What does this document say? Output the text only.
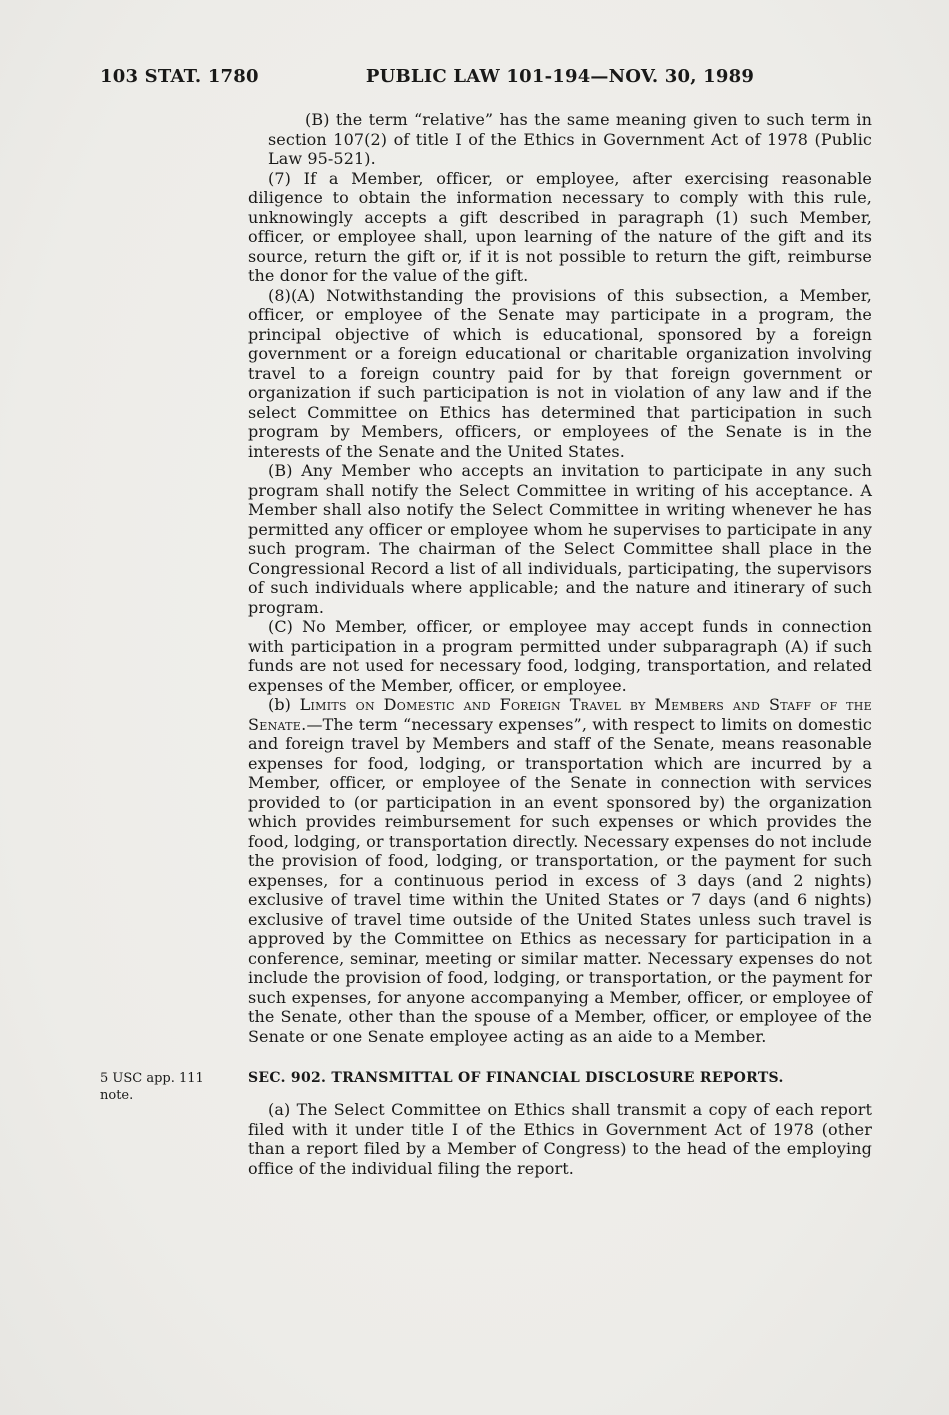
103 STAT. 1780	PUBLIC LAW 101-194—NOV. 30, 1989

(B) the term “relative” has the same meaning given to such term in section 107(2) of title I of the Ethics in Government Act of 1978 (Public Law 95-521).

(7) If a Member, officer, or employee, after exercising reasonable diligence to obtain the information necessary to comply with this rule, unknowingly accepts a gift described in paragraph (1) such Member, officer, or employee shall, upon learning of the nature of the gift and its source, return the gift or, if it is not possible to return the gift, reimburse the donor for the value of the gift.

(8)(A) Notwithstanding the provisions of this subsection, a Member, officer, or employee of the Senate may participate in a program, the principal objective of which is educational, sponsored by a foreign government or a foreign educational or charitable organization involving travel to a foreign country paid for by that foreign government or organization if such participation is not in violation of any law and if the select Committee on Ethics has determined that participation in such program by Members, officers, or employees of the Senate is in the interests of the Senate and the United States.

(B) Any Member who accepts an invitation to participate in any such program shall notify the Select Committee in writing of his acceptance. A Member shall also notify the Select Committee in writing whenever he has permitted any officer or employee whom he supervises to participate in any such program. The chairman of the Select Committee shall place in the Congressional Record a list of all individuals, participating, the supervisors of such individuals where applicable; and the nature and itinerary of such program.

(C) No Member, officer, or employee may accept funds in connection with participation in a program permitted under subparagraph (A) if such funds are not used for necessary food, lodging, transportation, and related expenses of the Member, officer, or employee.

(b) Limits on Domestic and Foreign Travel by Members and Staff of the Senate.—The term “necessary expenses”, with respect to limits on domestic and foreign travel by Members and staff of the Senate, means reasonable expenses for food, lodging, or transportation which are incurred by a Member, officer, or employee of the Senate in connection with services provided to (or participation in an event sponsored by) the organization which provides reimbursement for such expenses or which provides the food, lodging, or transportation directly. Necessary expenses do not include the provision of food, lodging, or transportation, or the payment for such expenses, for a continuous period in excess of 3 days (and 2 nights) exclusive of travel time within the United States or 7 days (and 6 nights) exclusive of travel time outside of the United States unless such travel is approved by the Committee on Ethics as necessary for participation in a conference, seminar, meeting or similar matter. Necessary expenses do not include the provision of food, lodging, or transportation, or the payment for such expenses, for anyone accompanying a Member, officer, or employee of the Senate, other than the spouse of a Member, officer, or employee of the Senate or one Senate employee acting as an aide to a Member.

5 USC app. 111 note.
SEC. 902. TRANSMITTAL OF FINANCIAL DISCLOSURE REPORTS.

(a) The Select Committee on Ethics shall transmit a copy of each report filed with it under title I of the Ethics in Government Act of 1978 (other than a report filed by a Member of Congress) to the head of the employing office of the individual filing the report.
